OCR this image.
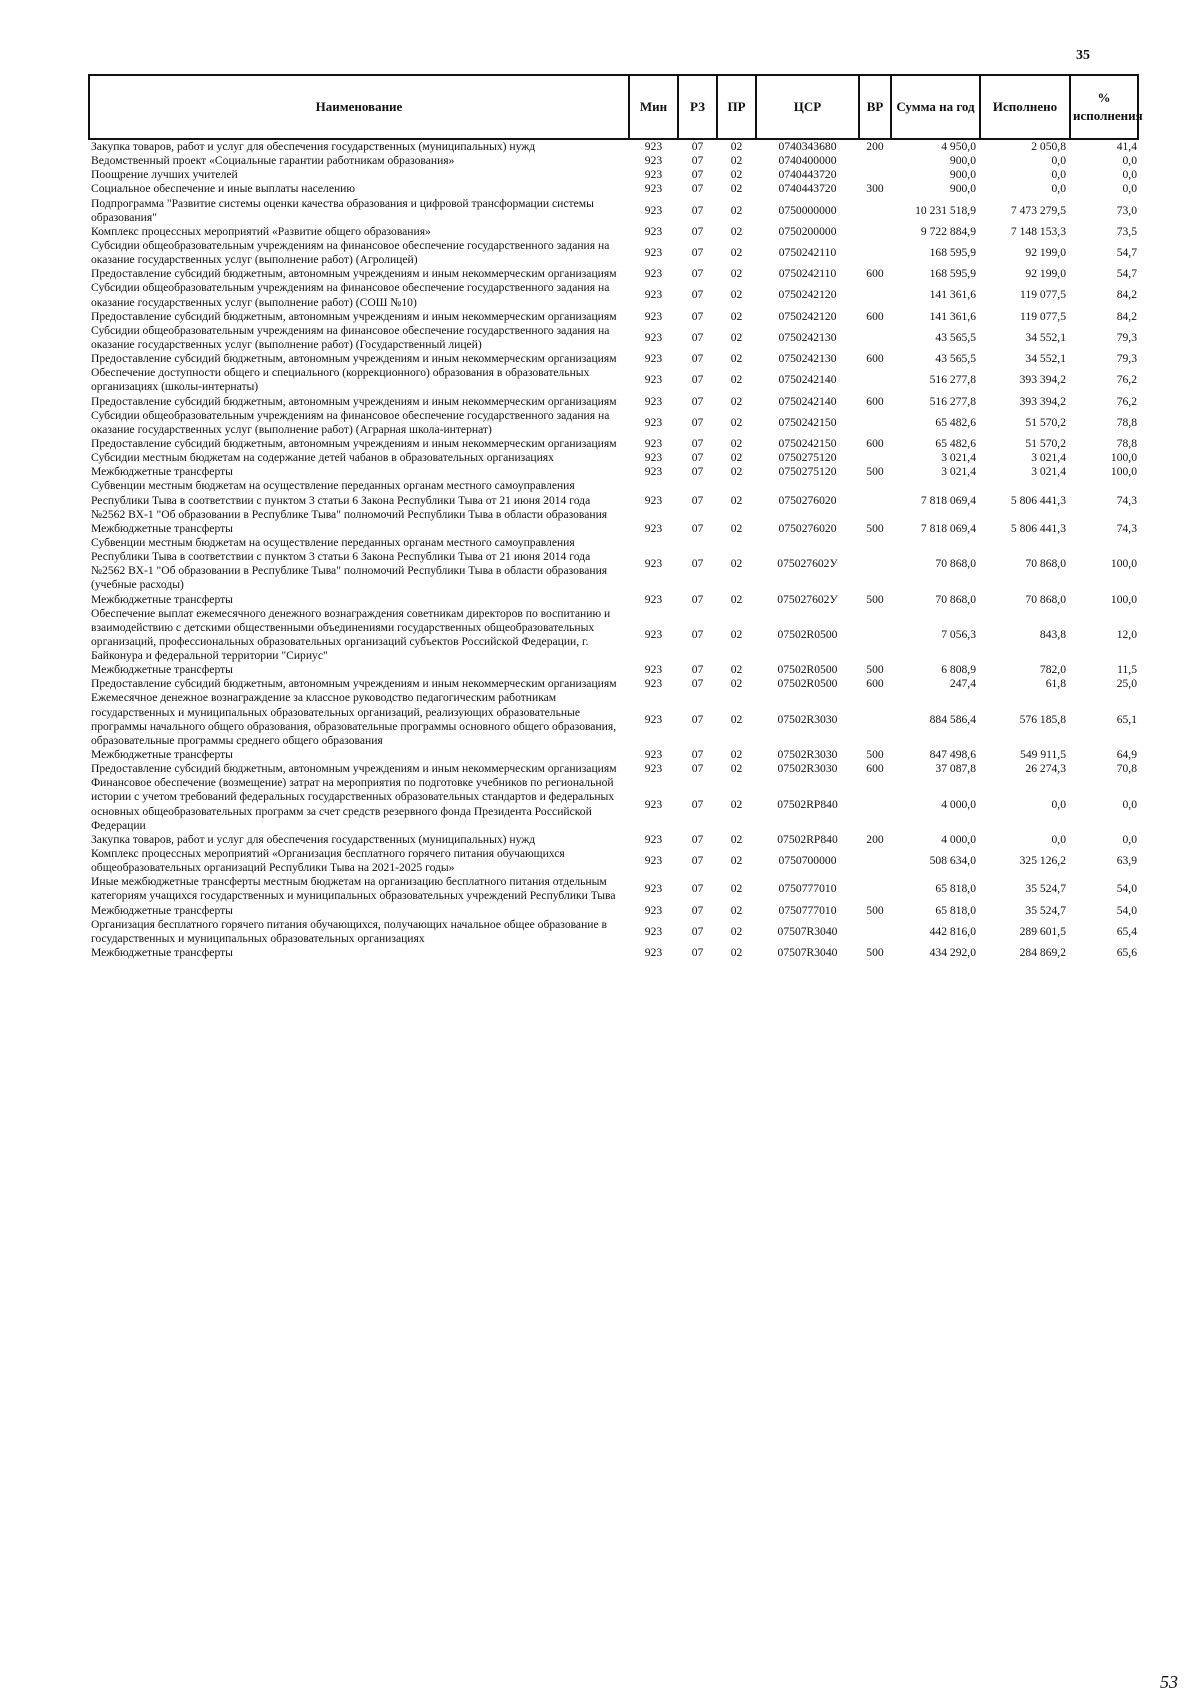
35
Наименование	Мин	РЗ	ПР	ЦСР	ВР	Сумма на год	Исполнено	% исполнения
Закупка товаров, работ и услуг для обеспечения государственных (муниципальных) нужд	923	07	02	0740343680	200	4 950,0	2 050,8	41,4
Ведомственный проект «Социальные гарантии работникам образования»	923	07	02	0740400000		900,0	0,0	0,0
Поощрение лучших учителей	923	07	02	0740443720		900,0	0,0	0,0
Социальное обеспечение и иные выплаты населению	923	07	02	0740443720	300	900,0	0,0	0,0
Подпрограмма "Развитие системы оценки качества образования и цифровой трансформации системы образования"	923	07	02	0750000000		10 231 518,9	7 473 279,5	73,0
Комплекс процессных мероприятий «Развитие общего образования»	923	07	02	0750200000		9 722 884,9	7 148 153,3	73,5
Субсидии общеобразовательным учреждениям на финансовое обеспечение государственного задания на оказание государственных услуг (выполнение работ) (Агролицей)	923	07	02	0750242110		168 595,9	92 199,0	54,7
Предоставление субсидий бюджетным, автономным учреждениям и иным некоммерческим организациям	923	07	02	0750242110	600	168 595,9	92 199,0	54,7
Субсидии общеобразовательным учреждениям на финансовое обеспечение государственного задания на оказание государственных услуг (выполнение работ) (СОШ №10)	923	07	02	0750242120		141 361,6	119 077,5	84,2
Предоставление субсидий бюджетным, автономным учреждениям и иным некоммерческим организациям	923	07	02	0750242120	600	141 361,6	119 077,5	84,2
Субсидии общеобразовательным учреждениям на финансовое обеспечение государственного задания на оказание государственных услуг (выполнение работ) (Государственный лицей)	923	07	02	0750242130		43 565,5	34 552,1	79,3
Предоставление субсидий бюджетным, автономным учреждениям и иным некоммерческим организациям	923	07	02	0750242130	600	43 565,5	34 552,1	79,3
Обеспечение доступности общего и специального (коррекционного) образования в образовательных организациях (школы-интернаты)	923	07	02	0750242140		516 277,8	393 394,2	76,2
Предоставление субсидий бюджетным, автономным учреждениям и иным некоммерческим организациям	923	07	02	0750242140	600	516 277,8	393 394,2	76,2
Субсидии общеобразовательным учреждениям на финансовое обеспечение государственного задания на оказание государственных услуг (выполнение работ) (Аграрная школа-интернат)	923	07	02	0750242150		65 482,6	51 570,2	78,8
Предоставление субсидий бюджетным, автономным учреждениям и иным некоммерческим организациям	923	07	02	0750242150	600	65 482,6	51 570,2	78,8
Субсидии местным бюджетам на содержание детей чабанов в образовательных организациях	923	07	02	0750275120		3 021,4	3 021,4	100,0
Межбюджетные трансферты	923	07	02	0750275120	500	3 021,4	3 021,4	100,0
Субвенции местным бюджетам на осуществление переданных органам местного самоуправления Республики Тыва в соответствии с пунктом 3 статьи 6 Закона Республики Тыва от 21 июня 2014 года №2562 ВХ-1 "Об образовании в Республике Тыва" полномочий Республики Тыва в области образования	923	07	02	0750276020		7 818 069,4	5 806 441,3	74,3
Межбюджетные трансферты	923	07	02	0750276020	500	7 818 069,4	5 806 441,3	74,3
Субвенции местным бюджетам на осуществление переданных органам местного самоуправления Республики Тыва в соответствии с пунктом 3 статьи 6 Закона Республики Тыва от 21 июня 2014 года №2562 ВХ-1 "Об образовании в Республике Тыва" полномочий Республики Тыва в области образования (учебные расходы)	923	07	02	075027602У		70 868,0	70 868,0	100,0
Межбюджетные трансферты	923	07	02	075027602У	500	70 868,0	70 868,0	100,0
Обеспечение выплат ежемесячного денежного вознаграждения советникам директоров по воспитанию и взаимодействию с детскими общественными объединениями государственных общеобразовательных организаций, профессиональных образовательных организаций субъектов Российской Федерации, г. Байконура и федеральной территории "Сириус"	923	07	02	07502R0500		7 056,3	843,8	12,0
Межбюджетные трансферты	923	07	02	07502R0500	500	6 808,9	782,0	11,5
Предоставление субсидий бюджетным, автономным учреждениям и иным некоммерческим организациям	923	07	02	07502R0500	600	247,4	61,8	25,0
Ежемесячное денежное вознаграждение за классное руководство педагогическим работникам государственных и муниципальных образовательных организаций, реализующих образовательные программы начального общего образования, образовательные программы основного общего образования, образовательные программы среднего общего образования	923	07	02	07502R3030		884 586,4	576 185,8	65,1
Межбюджетные трансферты	923	07	02	07502R3030	500	847 498,6	549 911,5	64,9
Предоставление субсидий бюджетным, автономным учреждениям и иным некоммерческим организациям	923	07	02	07502R3030	600	37 087,8	26 274,3	70,8
Финансовое обеспечение (возмещение) затрат на мероприятия по подготовке учебников по региональной истории с учетом требований федеральных государственных образовательных стандартов и федеральных основных общеобразовательных программ за счет средств резервного фонда Президента Российской Федерации	923	07	02	07502RP840		4 000,0	0,0	0,0
Закупка товаров, работ и услуг для обеспечения государственных (муниципальных) нужд	923	07	02	07502RP840	200	4 000,0	0,0	0,0
Комплекс процессных мероприятий «Организация бесплатного горячего питания обучающихся общеобразовательных организаций Республики Тыва на 2021-2025 годы»	923	07	02	0750700000		508 634,0	325 126,2	63,9
Иные межбюджетные трансферты местным бюджетам на организацию бесплатного питания отдельным категориям учащихся государственных и муниципальных образовательных учреждений Республики Тыва	923	07	02	0750777010		65 818,0	35 524,7	54,0
Межбюджетные трансферты	923	07	02	0750777010	500	65 818,0	35 524,7	54,0
Организация бесплатного горячего питания обучающихся, получающих начальное общее образование в государственных и муниципальных образовательных организациях	923	07	02	07507R3040		442 816,0	289 601,5	65,4
Межбюджетные трансферты	923	07	02	07507R3040	500	434 292,0	284 869,2	65,6
53
